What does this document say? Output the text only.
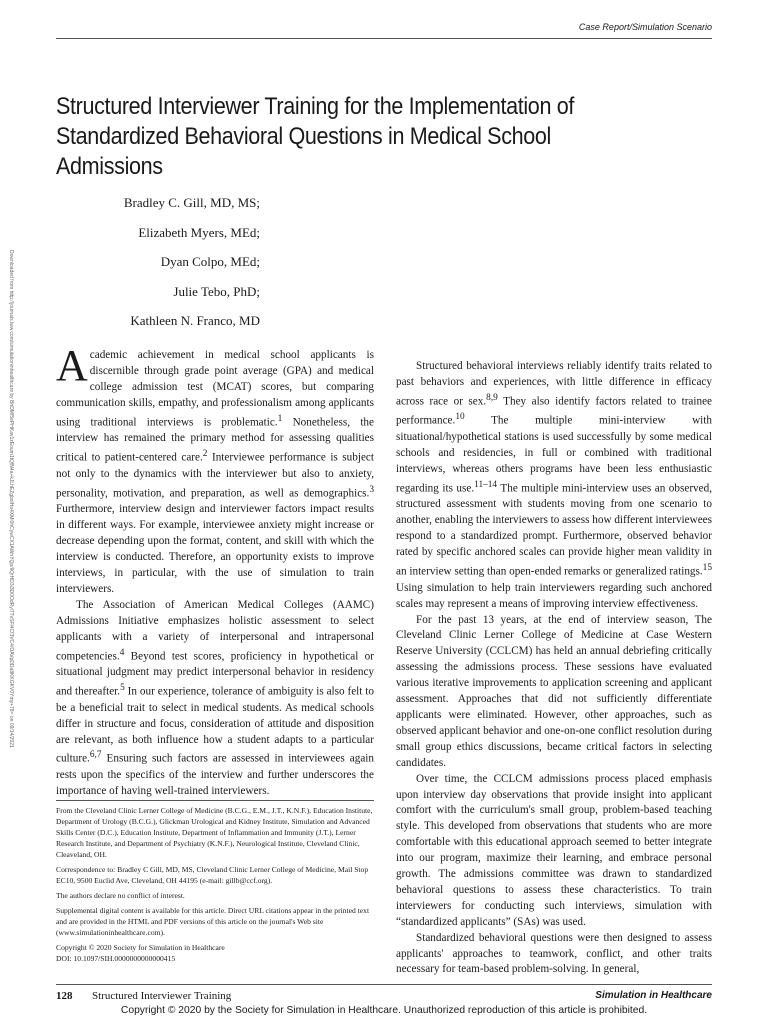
Case Report/Simulation Scenario
Structured Interviewer Training for the Implementation of Standardized Behavioral Questions in Medical School Admissions
Bradley C. Gill, MD, MS;
Elizabeth Myers, MEd;
Dyan Colpo, MEd;
Julie Tebo, PhD;
Kathleen N. Franco, MD
Downloaded from http://journals.lww.com/simulationinhealthcare by BhDMf5ePHKav1zEoum1tQfN4a+kJLhEZgbsIHo4XMi0hCywCX1AWnYQp/IlQrHD3i3D0OdRyi7TvSFl4Cf3VC4/OAVpDDa8KKGKV0Ymy+78= on 09/14/2021 Academic achievement in medical school applicants is discernible through grade point average (GPA) and medical college admission test (MCAT) scores, but comparing communication skills, empathy, and professionalism among applicants using traditional interviews is problematic.$^1$ Nonetheless, the interview has remained the primary method for assessing qualities critical to patient-centered care.$^2$ Interviewee performance is subject not only to the dynamics with the interviewer but also to anxiety, personality, motivation, and preparation, as well as demographics.$^3$ Furthermore, interview design and interviewer factors impact results in different ways. For example, interviewee anxiety might increase or decrease depending upon the format, content, and skill with which the interview is conducted. Therefore, an opportunity exists to improve interviews, in particular, with the use of simulation to train interviewers.

The Association of American Medical Colleges (AAMC) Admissions Initiative emphasizes holistic assessment to select applicants with a variety of interpersonal and intrapersonal competencies.$^4$ Beyond test scores, proficiency in hypothetical or situational judgment may predict interpersonal behavior in residency and thereafter.$^5$ In our experience, tolerance of ambiguity is also felt to be a beneficial trait to select in medical students. As medical schools differ in structure and focus, consideration of attitude and disposition are relevant, as both influence how a student adapts to a particular culture.$^{6,7}$ Ensuring such factors are assessed in interviewees again rests upon the specifics of the interview and further underscores the importance of having well-trained interviewers.

Structured behavioral interviews reliably identify traits related to past behaviors and experiences, with little difference in efficacy across race or sex.$^{8,9}$ They also identify factors related to trainee performance.$^{10}$ The multiple mini-interview with situational/hypothetical stations is used successfully by some medical schools and residencies, in full or combined with traditional interviews, whereas others programs have been less enthusiastic regarding its use.$^{11-14}$ The multiple mini-interview uses an observed, structured assessment with students moving from one scenario to another, enabling the interviewers to assess how different interviewees respond to a standardized prompt. Furthermore, observed behavior rated by specific anchored scales can provide higher mean validity in an interview setting than open-ended remarks or generalized ratings.$^{15}$ Using simulation to help train interviewers regarding such anchored scales may represent a means of improving interview effectiveness.

For the past 13 years, at the end of interview season, The Cleveland Clinic Lerner College of Medicine at Case Western Reserve University (CCLCM) has held an annual debriefing critically assessing the admissions process. These sessions have evaluated various iterative improvements to application screening and applicant assessment. Approaches that did not sufficiently differentiate applicants were eliminated. However, other approaches, such as observed applicant behavior and one-on-one conflict resolution during small group ethics discussions, became critical factors in selecting candidates.

Over time, the CCLCM admissions process placed emphasis upon interview day observations that provide insight into applicant comfort with the curriculum's small group, problem-based teaching style. This developed from observations that students who are more comfortable with this educational approach seemed to better integrate into our program, maximize their learning, and embrace personal growth. The admissions committee was drawn to standardized behavioral questions to assess these characteristics. To train interviewers for conducting such interviews, simulation with “standardized applicants” (SAs) was used.

Standardized behavioral questions were then designed to assess applicants' approaches to teamwork, conflict, and other traits necessary for team-based problem-solving. In general,

From the Cleveland Clinic Lerner College of Medicine (B.C.G., E.M., J.T., K.N.F.), Education Institute, Department of Urology (B.C.G.), Glickman Urological and Kidney Institute, Simulation and Advanced Skills Center (D.C.), Education Institute, Department of Inflammation and Immunity (J.T.), Lerner Research Institute, and Department of Psychiatry (K.N.F.), Neurological Institute, Cleveland Clinic, Cleaveland, OH.

Correspondence to: Bradley C Gill, MD, MS, Cleveland Clinic Lerner College of Medicine, Mail Stop EC10, 9500 Euclid Ave, Cleveland, OH 44195 (e-mail: gillb@ccf.org).

The authors declare no conflict of interest.

Supplemental digital content is available for this article. Direct URL citations appear in the printed text and are provided in the HTML and PDF versions of this article on the journal's Web site (www.simulationinhealthcare.com).

Copyright © 2020 Society for Simulation in Healthcare

DOI: 10.1097/SIH.0000000000000415

128 Structured Interviewer Training	Simulation in Healthcare
Copyright © 2020 by the Society for Simulation in Healthcare. Unauthorized reproduction of this article is prohibited.
